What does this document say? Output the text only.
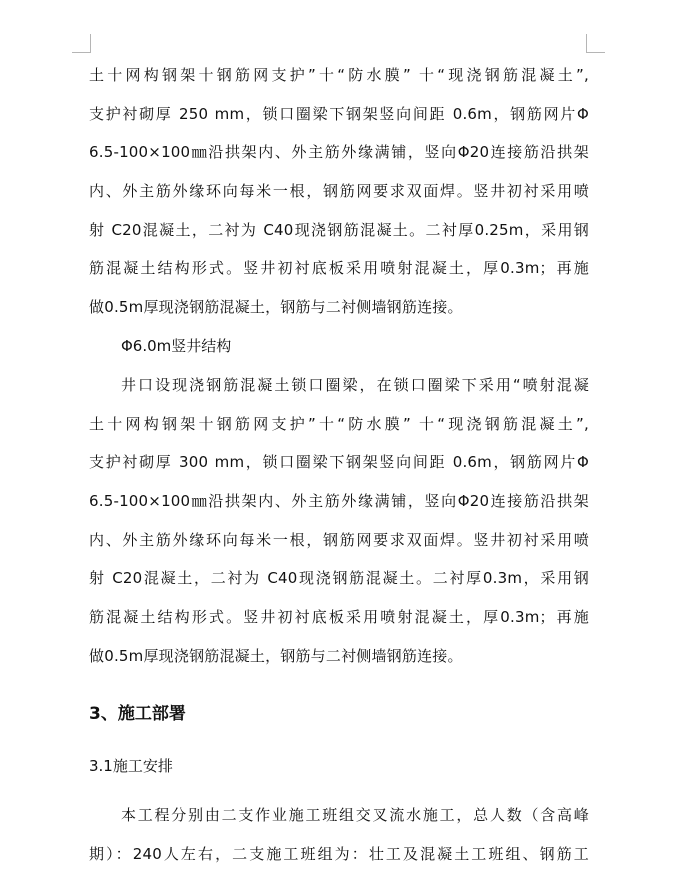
土十网构钢架十钢筋网支护”十“防水膜” 十“现浇钢筋混凝土”,
支护衬砌厚 250 mm，锁口圈梁下钢架竖向间距 0.6m，钢筋网片Φ
6.5-100×100㎜沿拱架内、外主筋外缘满铺，竖向Φ20连接筋沿拱架
内、外主筋外缘环向每米一根，钢筋网要求双面焊。竖井初衬采用喷
射 C20混凝土，二衬为 C40现浇钢筋混凝土。二衬厚0.25m，采用钢
筋混凝土结构形式。竖井初衬底板采用喷射混凝土，厚0.3m；再施
做0.5m厚现浇钢筋混凝土，钢筋与二衬侧墙钢筋连接。
Φ6.0m竖井结构
井口设现浇钢筋混凝土锁口圈梁，在锁口圈梁下采用“喷射混凝
土十网构钢架十钢筋网支护”十“防水膜” 十“现浇钢筋混凝土”,
支护衬砌厚 300 mm，锁口圈梁下钢架竖向间距 0.6m，钢筋网片Φ
6.5-100×100㎜沿拱架内、外主筋外缘满铺，竖向Φ20连接筋沿拱架
内、外主筋外缘环向每米一根，钢筋网要求双面焊。竖井初衬采用喷
射 C20混凝土，二衬为 C40现浇钢筋混凝土。二衬厚0.3m，采用钢
筋混凝土结构形式。竖井初衬底板采用喷射混凝土，厚0.3m；再施
做0.5m厚现浇钢筋混凝土，钢筋与二衬侧墙钢筋连接。
3、施工部署
3.1施工安排
本工程分别由二支作业施工班组交叉流水施工，总人数（含高峰
期）：240人左右，二支施工班组为：壮工及混凝土工班组、钢筋工
